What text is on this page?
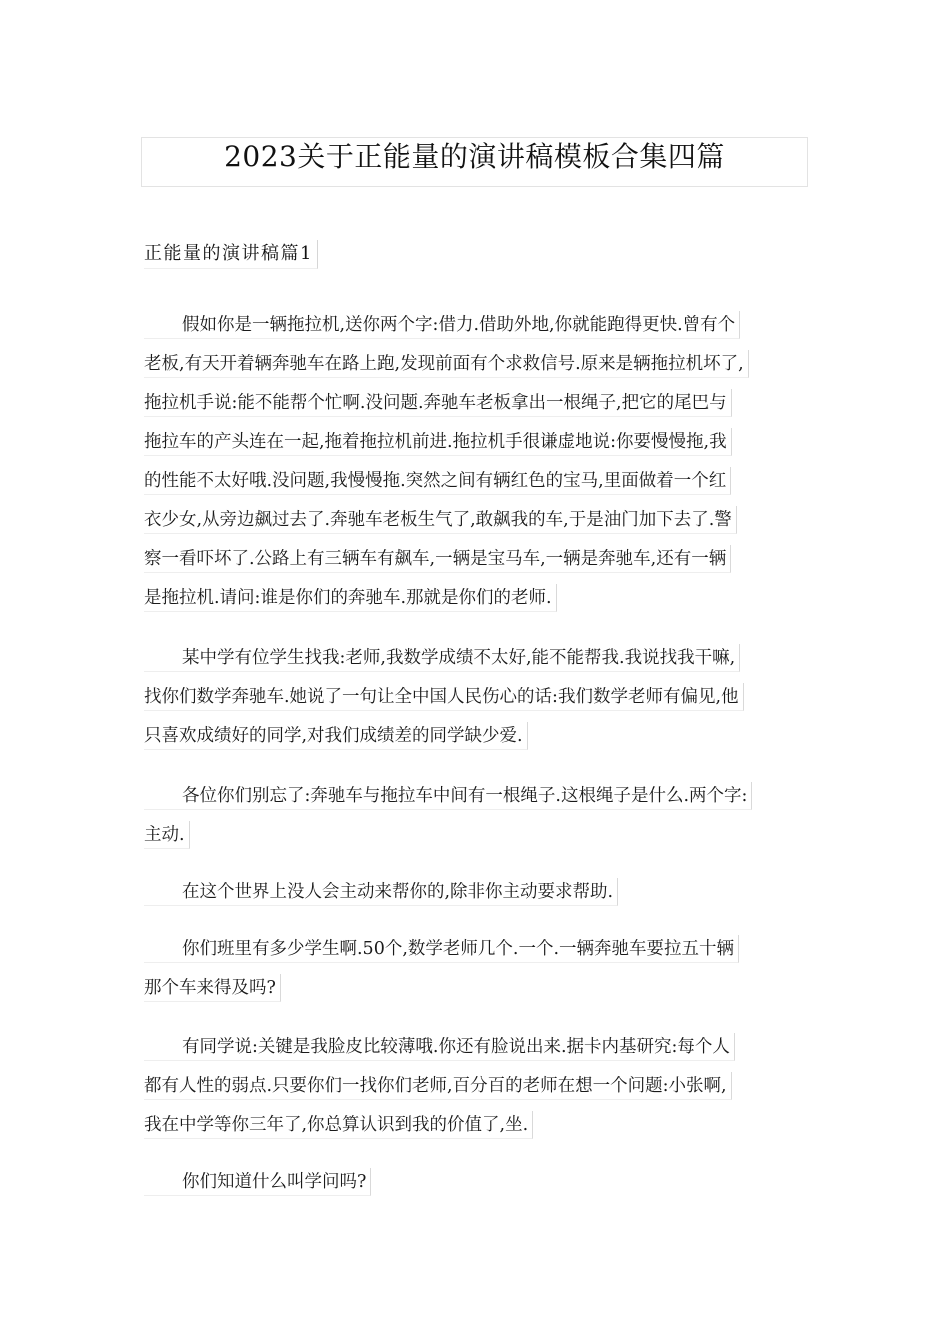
2023关于正能量的演讲稿模板合集四篇
正能量的演讲稿篇1
假如你是一辆拖拉机,送你两个字:借力.借助外地,你就能跑得更快.曾有个
老板,有天开着辆奔驰车在路上跑,发现前面有个求救信号.原来是辆拖拉机坏了,
拖拉机手说:能不能帮个忙啊.没问题.奔驰车老板拿出一根绳子,把它的尾巴与
拖拉车的产头连在一起,拖着拖拉机前进.拖拉机手很谦虚地说:你要慢慢拖,我
的性能不太好哦.没问题,我慢慢拖.突然之间有辆红色的宝马,里面做着一个红
衣少女,从旁边飙过去了.奔驰车老板生气了,敢飙我的车,于是油门加下去了.警
察一看吓坏了.公路上有三辆车有飙车,一辆是宝马车,一辆是奔驰车,还有一辆
是拖拉机.请问:谁是你们的奔驰车.那就是你们的老师.
某中学有位学生找我:老师,我数学成绩不太好,能不能帮我.我说找我干嘛,
找你们数学奔驰车.她说了一句让全中国人民伤心的话:我们数学老师有偏见,他
只喜欢成绩好的同学,对我们成绩差的同学缺少爱.
各位你们别忘了:奔驰车与拖拉车中间有一根绳子.这根绳子是什么.两个字:
主动.
在这个世界上没人会主动来帮你的,除非你主动要求帮助.
你们班里有多少学生啊.50个,数学老师几个.一个.一辆奔驰车要拉五十辆
那个车来得及吗?
有同学说:关键是我脸皮比较薄哦.你还有脸说出来.据卡内基研究:每个人
都有人性的弱点.只要你们一找你们老师,百分百的老师在想一个问题:小张啊,
我在中学等你三年了,你总算认识到我的价值了,坐.
你们知道什么叫学问吗?
